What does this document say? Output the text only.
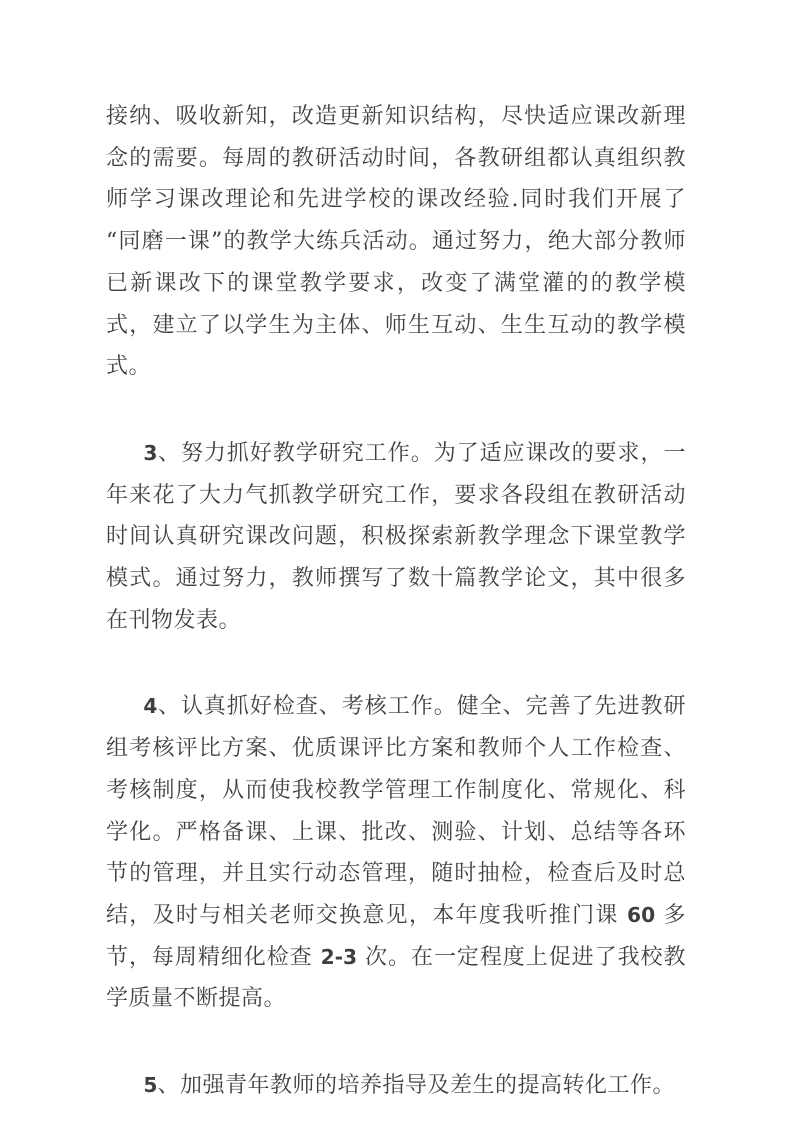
接纳、吸收新知，改造更新知识结构，尽快适应课改新理念的需要。每周的教研活动时间，各教研组都认真组织教师学习课改理论和先进学校的课改经验.同时我们开展了“同磨一课”的教学大练兵活动。通过努力，绝大部分教师已新课改下的课堂教学要求，改变了满堂灌的的教学模式，建立了以学生为主体、师生互动、生生互动的教学模式。

3、努力抓好教学研究工作。为了适应课改的要求，一年来花了大力气抓教学研究工作，要求各段组在教研活动时间认真研究课改问题，积极探索新教学理念下课堂教学模式。通过努力，教师撰写了数十篇教学论文，其中很多在刊物发表。

4、认真抓好检查、考核工作。健全、完善了先进教研组考核评比方案、优质课评比方案和教师个人工作检查、考核制度，从而使我校教学管理工作制度化、常规化、科学化。严格备课、上课、批改、测验、计划、总结等各环节的管理，并且实行动态管理，随时抽检，检查后及时总结，及时与相关老师交换意见，本年度我听推门课 60 多节，每周精细化检查 2-3 次。在一定程度上促进了我校教学质量不断提高。

5、加强青年教师的培养指导及差生的提高转化工作。
